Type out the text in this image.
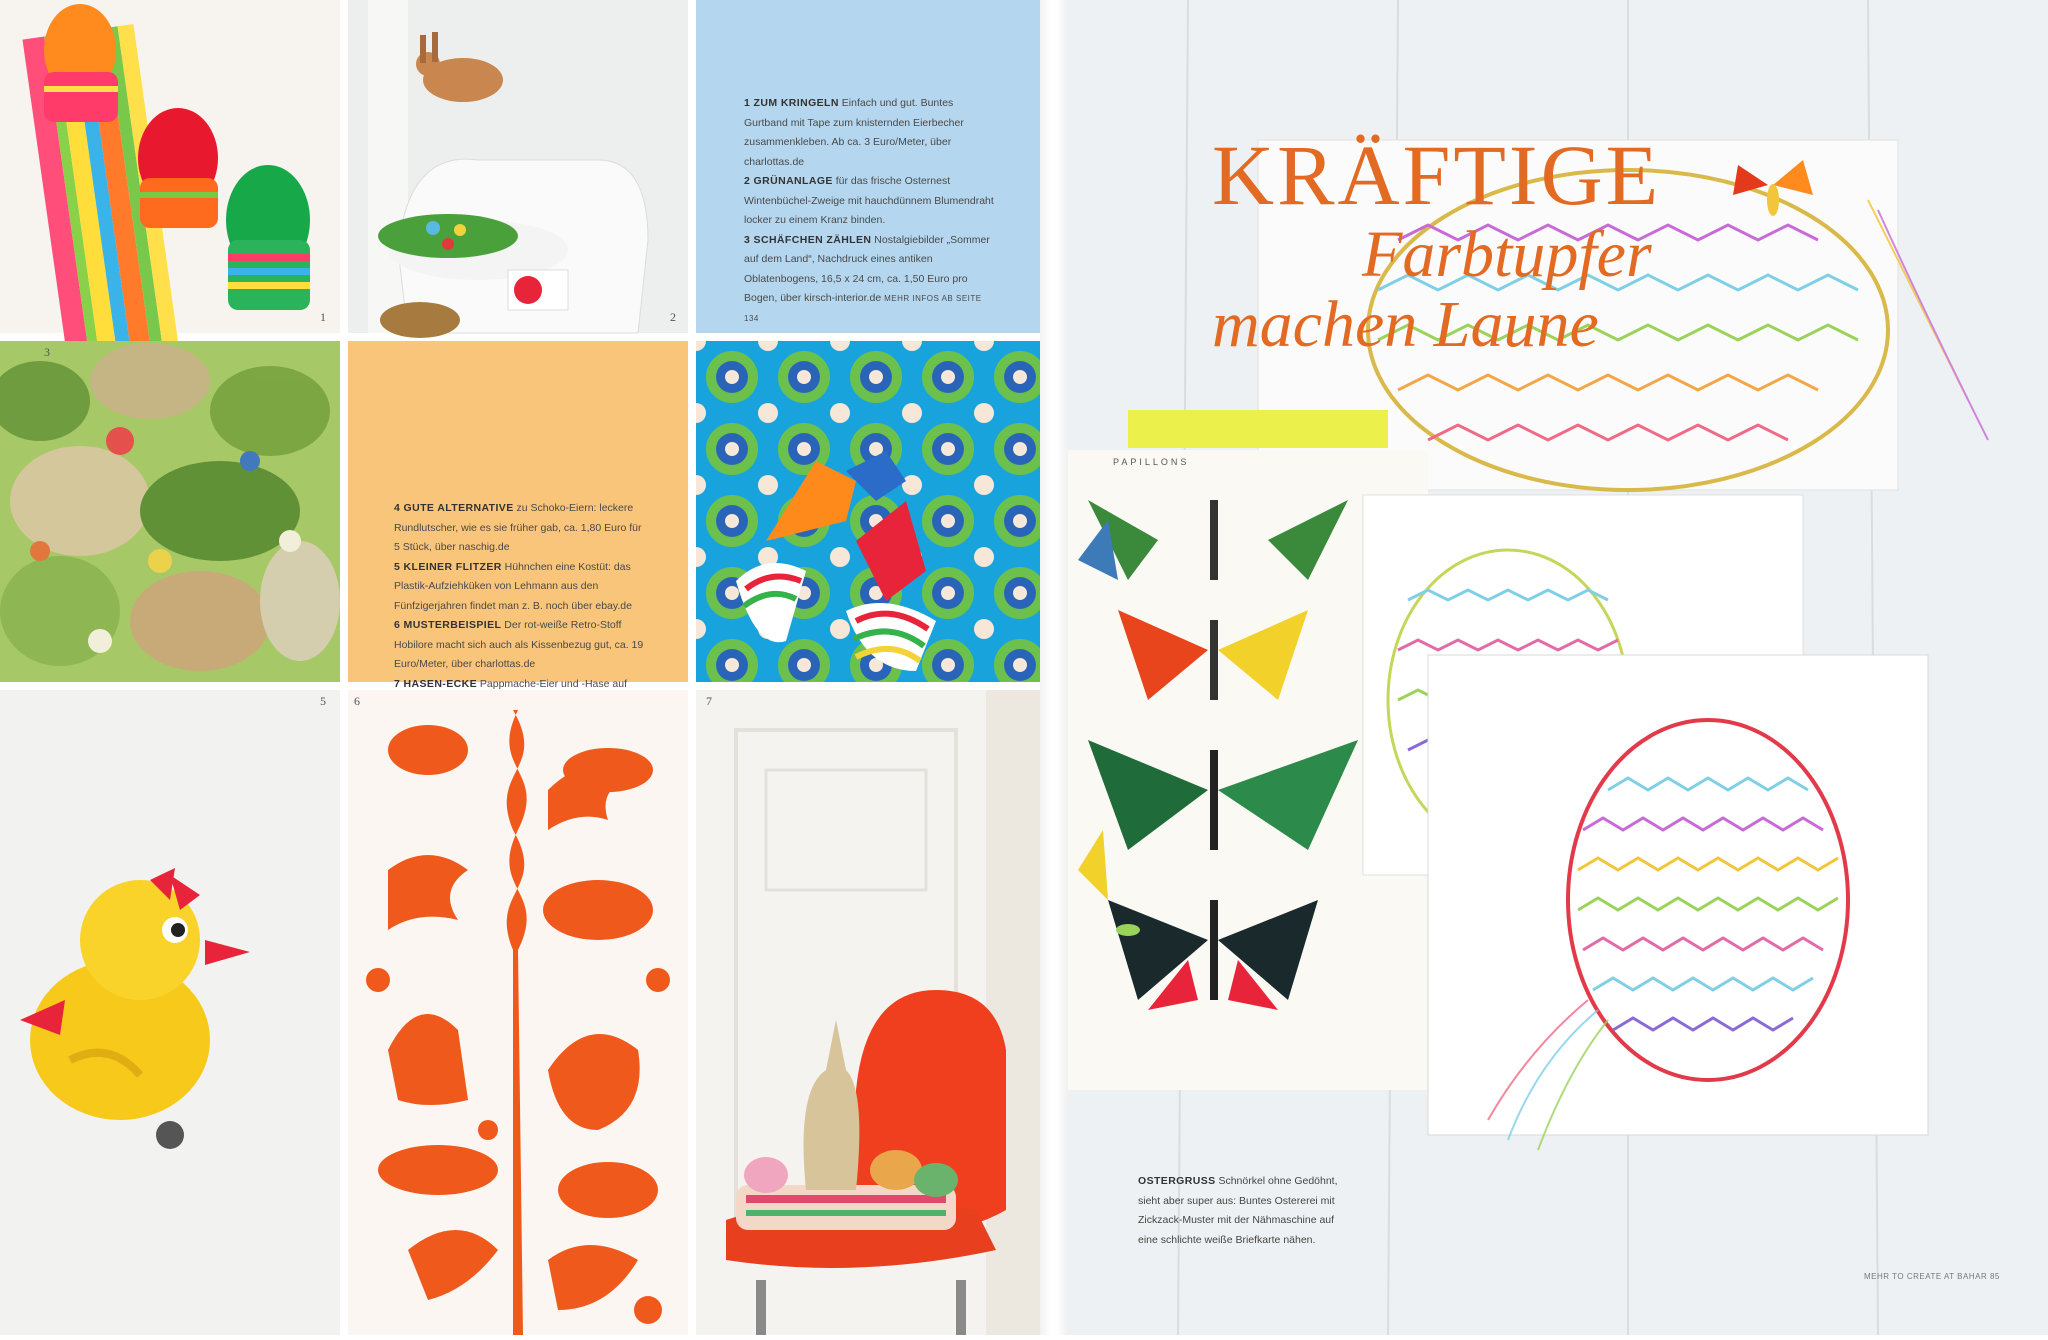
1	2

1 ZUM KRINGELN Einfach und gut. Buntes Gurtband mit Tape zum knisternden Eierbecher zusammenkleben. Ab ca. 3 Euro/Meter, über charlottas.de

2 GRÜNANLAGE für das frische Osternest Wintenbüchel-Zweige mit hauchdünnem Blumendraht locker zu einem Kranz binden.

3 SCHÄFCHEN ZÄHLEN Nostalgiebilder „Sommer auf dem Land“, Nachdruck eines antiken Oblatenbogens, 16,5 x 24 cm, ca. 1,50 Euro pro Bogen, über kirsch-interior.de MEHR INFOS AB SEITE 134

3

4 GUTE ALTERNATIVE zu Schoko-Eiern: leckere Rundlutscher, wie es sie früher gab, ca. 1,80 Euro für 5 Stück, über naschig.de

5 KLEINER FLITZER Hühnchen eine Kostüt: das Plastik-Aufziehküken von Lehmann aus den Fünfzigerjahren findet man z. B. noch über ebay.de

6 MUSTERBEISPIEL Der rot-weiße Retro-Stoff Hobilore macht sich auch als Kissenbezug gut, ca. 19 Euro/Meter, über charlottas.de

7 HASEN-ECKE Pappmache-Eier und -Hase auf

5 6	7
PAPILLONS

OSTERGRUSS Schnörkel ohne Gedöhnt, sieht aber super aus: Buntes Ostererei mit Zickzack-Muster mit der Nähmaschine auf eine schlichte weiße Briefkarte nähen.

KRÄFTIGE
Farbtupfer
machen Laune
MEHR TO CREATE AT BAHAR 85
